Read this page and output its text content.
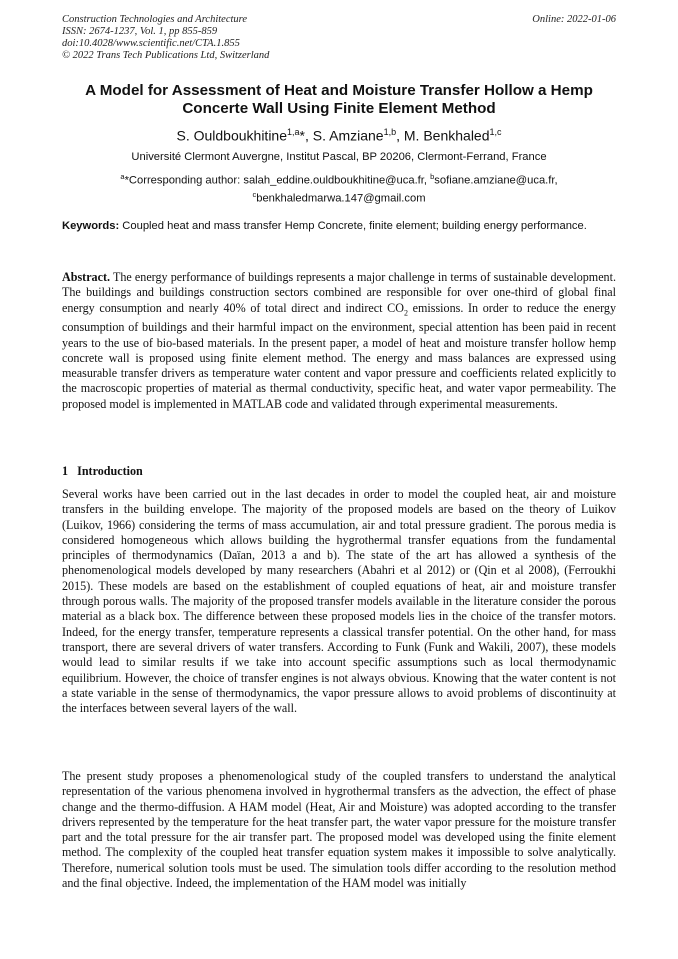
Construction Technologies and Architecture
ISSN: 2674-1237, Vol. 1, pp 855-859
doi:10.4028/www.scientific.net/CTA.1.855
© 2022 Trans Tech Publications Ltd, Switzerland
Online: 2022-01-06
A Model for Assessment of Heat and Moisture Transfer Hollow a Hemp Concerte Wall Using Finite Element Method
S. Ouldboukhitine$^{1,a}$*, S. Amziane$^{1,b}$, M. Benkhaled$^{1,c}$
Université Clermont Auvergne, Institut Pascal, BP 20206, Clermont-Ferrand, France
$^a$*Corresponding author: salah_eddine.ouldboukhitine@uca.fr, $^b$sofiane.amziane@uca.fr,
$^c$benkhaledmarwa.147@gmail.com
Keywords: Coupled heat and mass transfer Hemp Concrete, finite element; building energy performance.
Abstract. The energy performance of buildings represents a major challenge in terms of sustainable development. The buildings and buildings construction sectors combined are responsible for over one-third of global final energy consumption and nearly 40% of total direct and indirect $CO_2$ emissions. In order to reduce the energy consumption of buildings and their harmful impact on the environment, special attention has been paid in recent years to the use of bio-based materials. In the present paper, a model of heat and moisture transfer hollow hemp concrete wall is proposed using finite element method. The energy and mass balances are expressed using measurable transfer drivers as temperature water content and vapor pressure and coefficients related explicitly to the macroscopic properties of material as thermal conductivity, specific heat, and water vapor permeability. The proposed model is implemented in MATLAB code and validated through experimental measurements.
1 Introduction
Several works have been carried out in the last decades in order to model the coupled heat, air and moisture transfers in the building envelope. The majority of the proposed models are based on the theory of Luikov (Luikov, 1966) considering the terms of mass accumulation, air and total pressure gradient. The porous media is considered homogeneous which allows building the hygrothermal transfer equations from the fundamental principles of thermodynamics (Daïan, 2013 a and b). The state of the art has allowed a synthesis of the phenomenological models developed by many researchers (Abahri et al 2012) or (Qin et al 2008), (Ferroukhi 2015). These models are based on the establishment of coupled equations of heat, air and moisture transfer through porous walls. The majority of the proposed transfer models available in the literature consider the porous material as a black box. The difference between these proposed models lies in the choice of the transfer motors. Indeed, for the energy transfer, temperature represents a classical transfer potential. On the other hand, for mass transport, there are several drivers of water transfers. According to Funk (Funk and Wakili, 2007), these models would lead to similar results if we take into account specific assumptions such as local thermodynamic equilibrium. However, the choice of transfer engines is not always obvious. Knowing that the water content is not a state variable in the sense of thermodynamics, the vapor pressure allows to avoid problems of discontinuity at the interfaces between several layers of the wall.
The present study proposes a phenomenological study of the coupled transfers to understand the analytical representation of the various phenomena involved in hygrothermal transfers as the advection, the effect of phase change and the thermo-diffusion. A HAM model (Heat, Air and Moisture) was adopted according to the transfer drivers represented by the temperature for the heat transfer part, the water vapor pressure for the moisture transfer part and the total pressure for the air transfer part. The proposed model was developed using the finite element method. The complexity of the coupled heat transfer equation system makes it impossible to solve analytically. Therefore, numerical solution tools must be used. The simulation tools differ according to the resolution method and the final objective. Indeed, the implementation of the HAM model was initially
